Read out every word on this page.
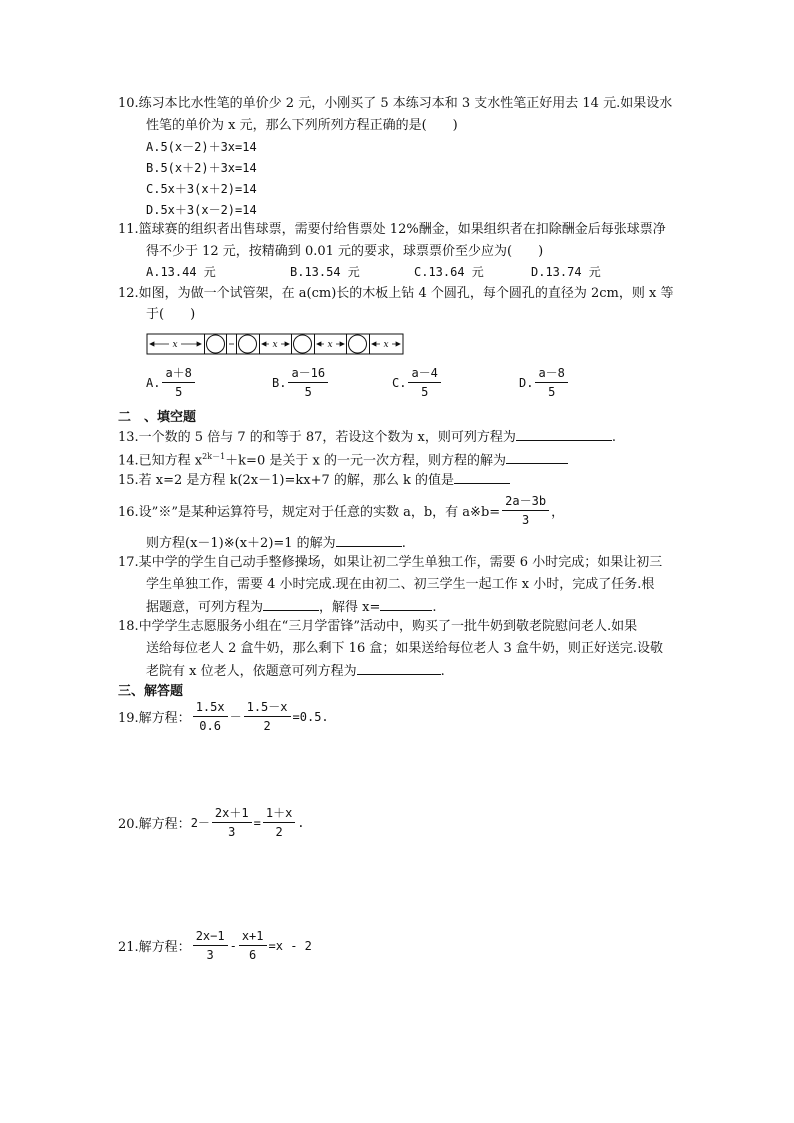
10.练习本比水性笔的单价少 2 元，小刚买了 5 本练习本和 3 支水性笔正好用去 14 元.如果设水
性笔的单价为 x 元，那么下列所列方程正确的是(　　)
A.5(x－2)＋3x=14
B.5(x＋2)＋3x=14
C.5x＋3(x＋2)=14
D.5x＋3(x－2)=14
11.篮球赛的组织者出售球票，需要付给售票处 12%酬金，如果组织者在扣除酬金后每张球票净
得不少于 12 元，按精确到 0.01 元的要求，球票票价至少应为(　　)
A.13.44 元	B.13.54 元	C.13.64 元	D.13.74 元
12.如图，为做一个试管架，在 a(cm)长的木板上钻 4 个圆孔，每个圆孔的直径为 2cm，则 x 等
于(　　)
x	x	x	x
A. $\frac{a+8}{5}$	B. $\frac{a-16}{5}$	C. $\frac{a-4}{5}$	D. $\frac{a-8}{5}$
二　、填空题
13.一个数的 5 倍与 7 的和等于 87，若设这个数为 x，则可列方程为	.
14.已知方程 $x^{2k-1}+k=0$ 是关于 x 的一元一次方程，则方程的解为
15.若 x=2 是方程 k(2x－1)=kx+7 的解，那么 k 的值是
16.设”※”是某种运算符号，规定对于任意的实数 a，b，有 a※b= $\frac{2a-3b}{3}$ ，
则方程(x－1)※(x＋2)=1 的解为	.
17.某中学的学生自己动手整修操场，如果让初二学生单独工作，需要 6 小时完成；如果让初三
学生单独工作，需要 4 小时完成.现在由初二、初三学生一起工作 x 小时，完成了任务.根
据题意，可列方程为	，解得 x=	.
18.中学学生志愿服务小组在“三月学雷锋”活动中，购买了一批牛奶到敬老院慰问老人.如果
送给每位老人 2 盒牛奶，那么剩下 16 盒；如果送给每位老人 3 盒牛奶，则正好送完.设敬
老院有 x 位老人，依题意可列方程为	.
三、解答题
19.解方程： $\frac{1.5x}{0.6} - \frac{1.5-x}{2} =0.5$.
20.解方程： $2- \frac{2x+1}{3} = \frac{1+x}{2}$ .
21.解方程： $\frac{2x-1}{3} - \frac{x+1}{6} =x - 2$
